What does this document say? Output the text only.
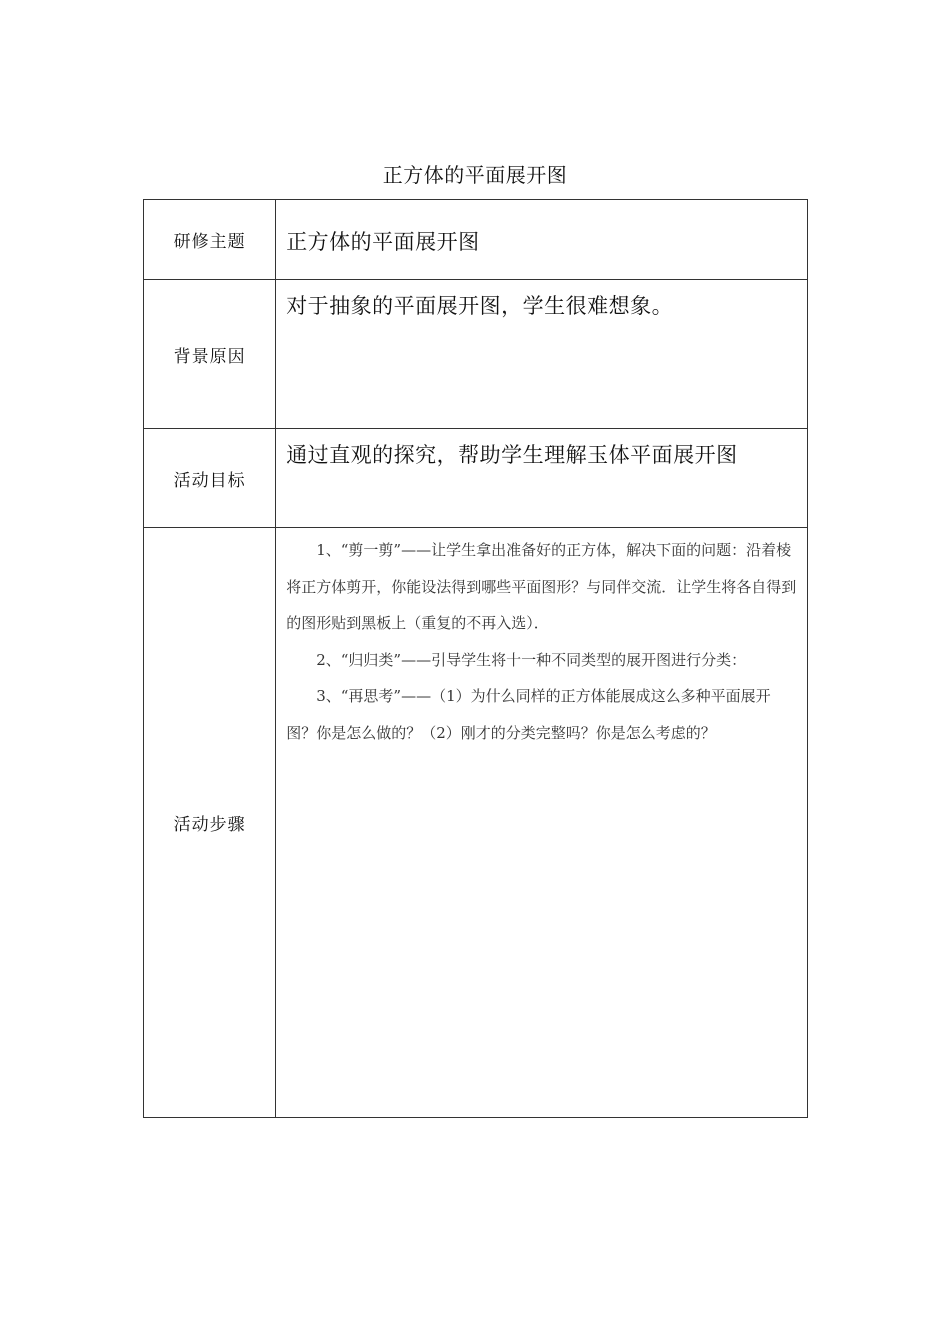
正方体的平面展开图
研修主题	正方体的平面展开图

背景原因	对于抽象的平面展开图，学生很难想象。

活动目标	通过直观的探究，帮助学生理解玉体平面展开图

活动步骤	1、“剪一剪”——让学生拿出准备好的正方体，解决下面的问题：沿着棱将正方体剪开，你能设法得到哪些平面图形？与同伴交流．让学生将各自得到的图形贴到黑板上（重复的不再入选）．

2、“归归类”——引导学生将十一种不同类型的展开图进行分类：

3、“再思考”——（1）为什么同样的正方体能展成这么多种平面展开图？你是怎么做的？（2）刚才的分类完整吗？你是怎么考虑的？
